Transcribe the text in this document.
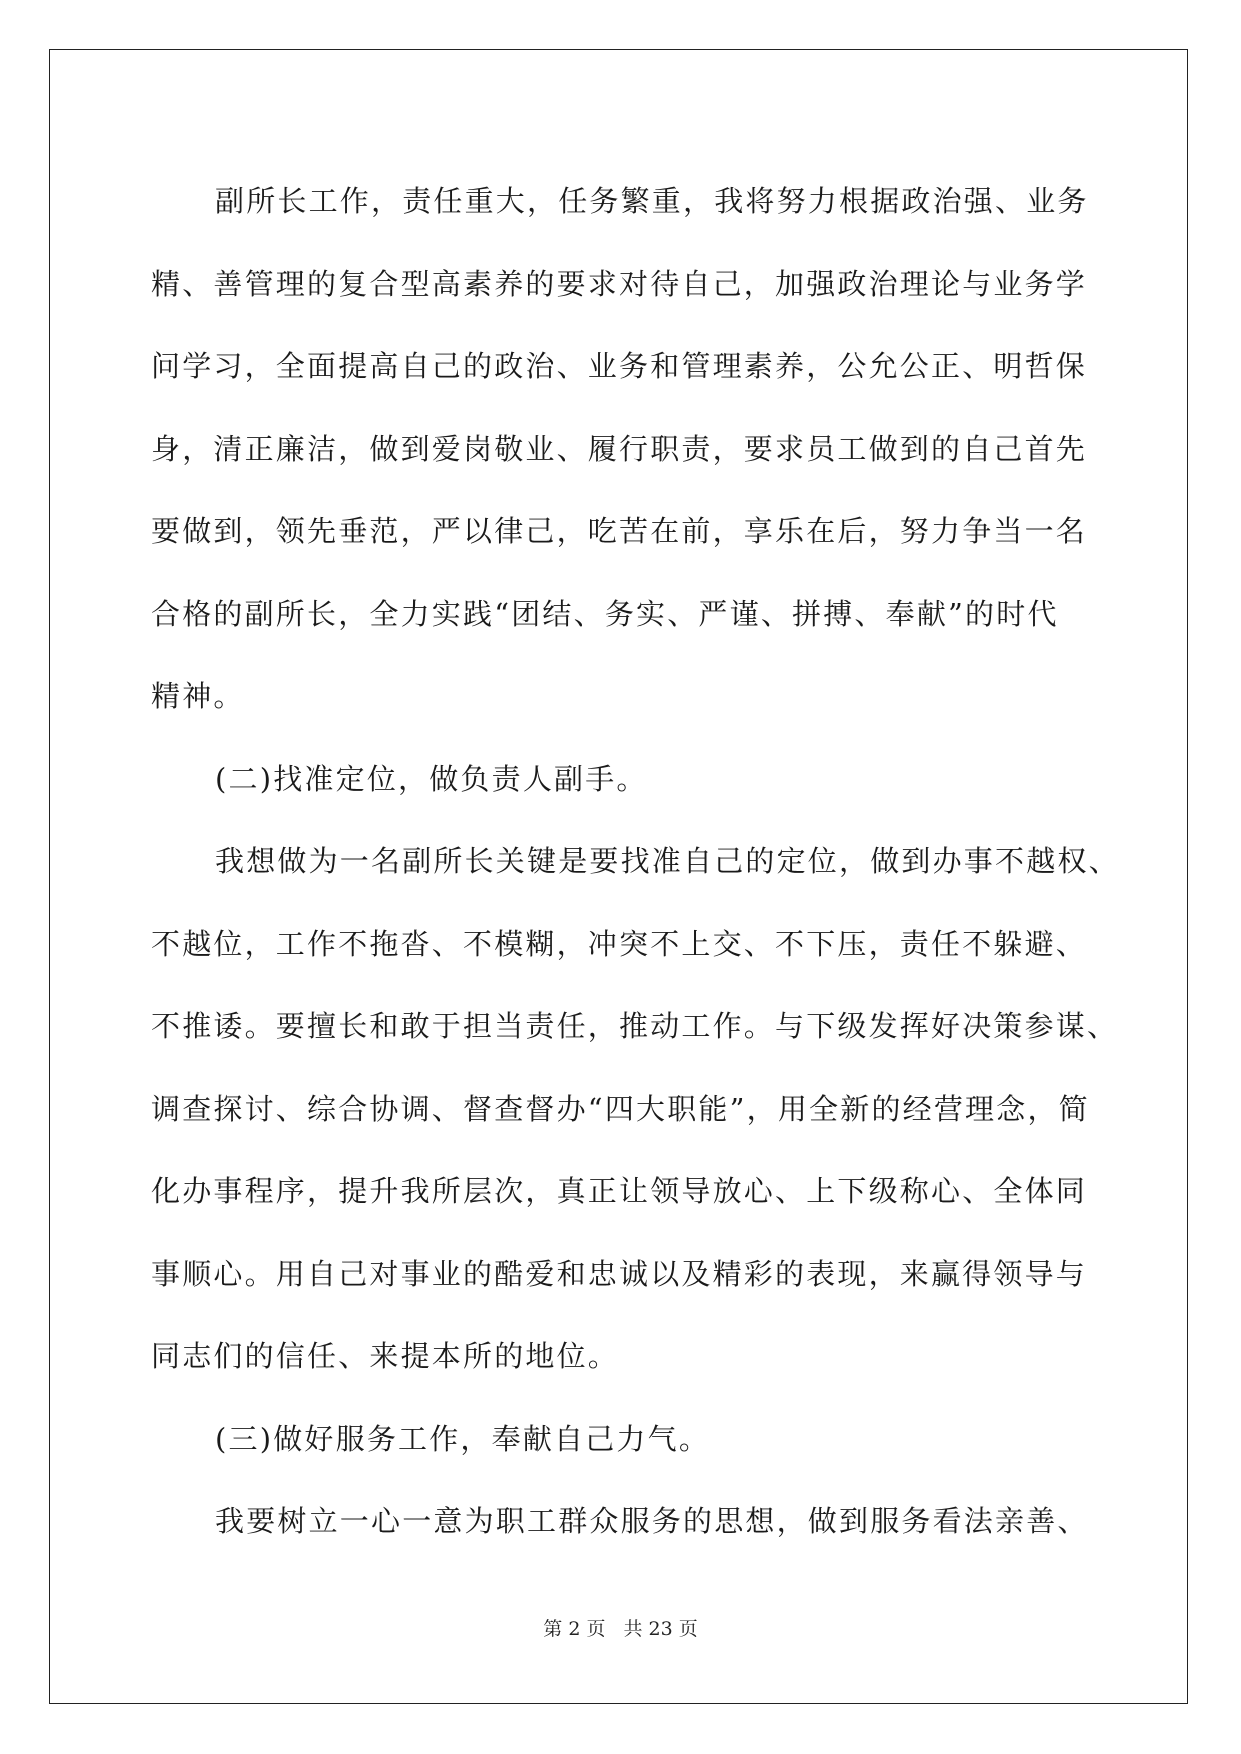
副所长工作，责任重大，任务繁重，我将努力根据政治强、业务
精、善管理的复合型高素养的要求对待自己，加强政治理论与业务学
问学习，全面提高自己的政治、业务和管理素养，公允公正、明哲保
身，清正廉洁，做到爱岗敬业、履行职责，要求员工做到的自己首先
要做到，领先垂范，严以律己，吃苦在前，享乐在后，努力争当一名
合格的副所长，全力实践“团结、务实、严谨、拼搏、奉献”的时代
精神。
(二)找准定位，做负责人副手。
我想做为一名副所长关键是要找准自己的定位，做到办事不越权、
不越位，工作不拖沓、不模糊，冲突不上交、不下压，责任不躲避、
不推诿。要擅长和敢于担当责任，推动工作。与下级发挥好决策参谋、
调查探讨、综合协调、督查督办“四大职能”，用全新的经营理念，简
化办事程序，提升我所层次，真正让领导放心、上下级称心、全体同
事顺心。用自己对事业的酷爱和忠诚以及精彩的表现，来赢得领导与
同志们的信任、来提本所的地位。
(三)做好服务工作，奉献自己力气。
我要树立一心一意为职工群众服务的思想，做到服务看法亲善、
第 2 页 共 23 页
